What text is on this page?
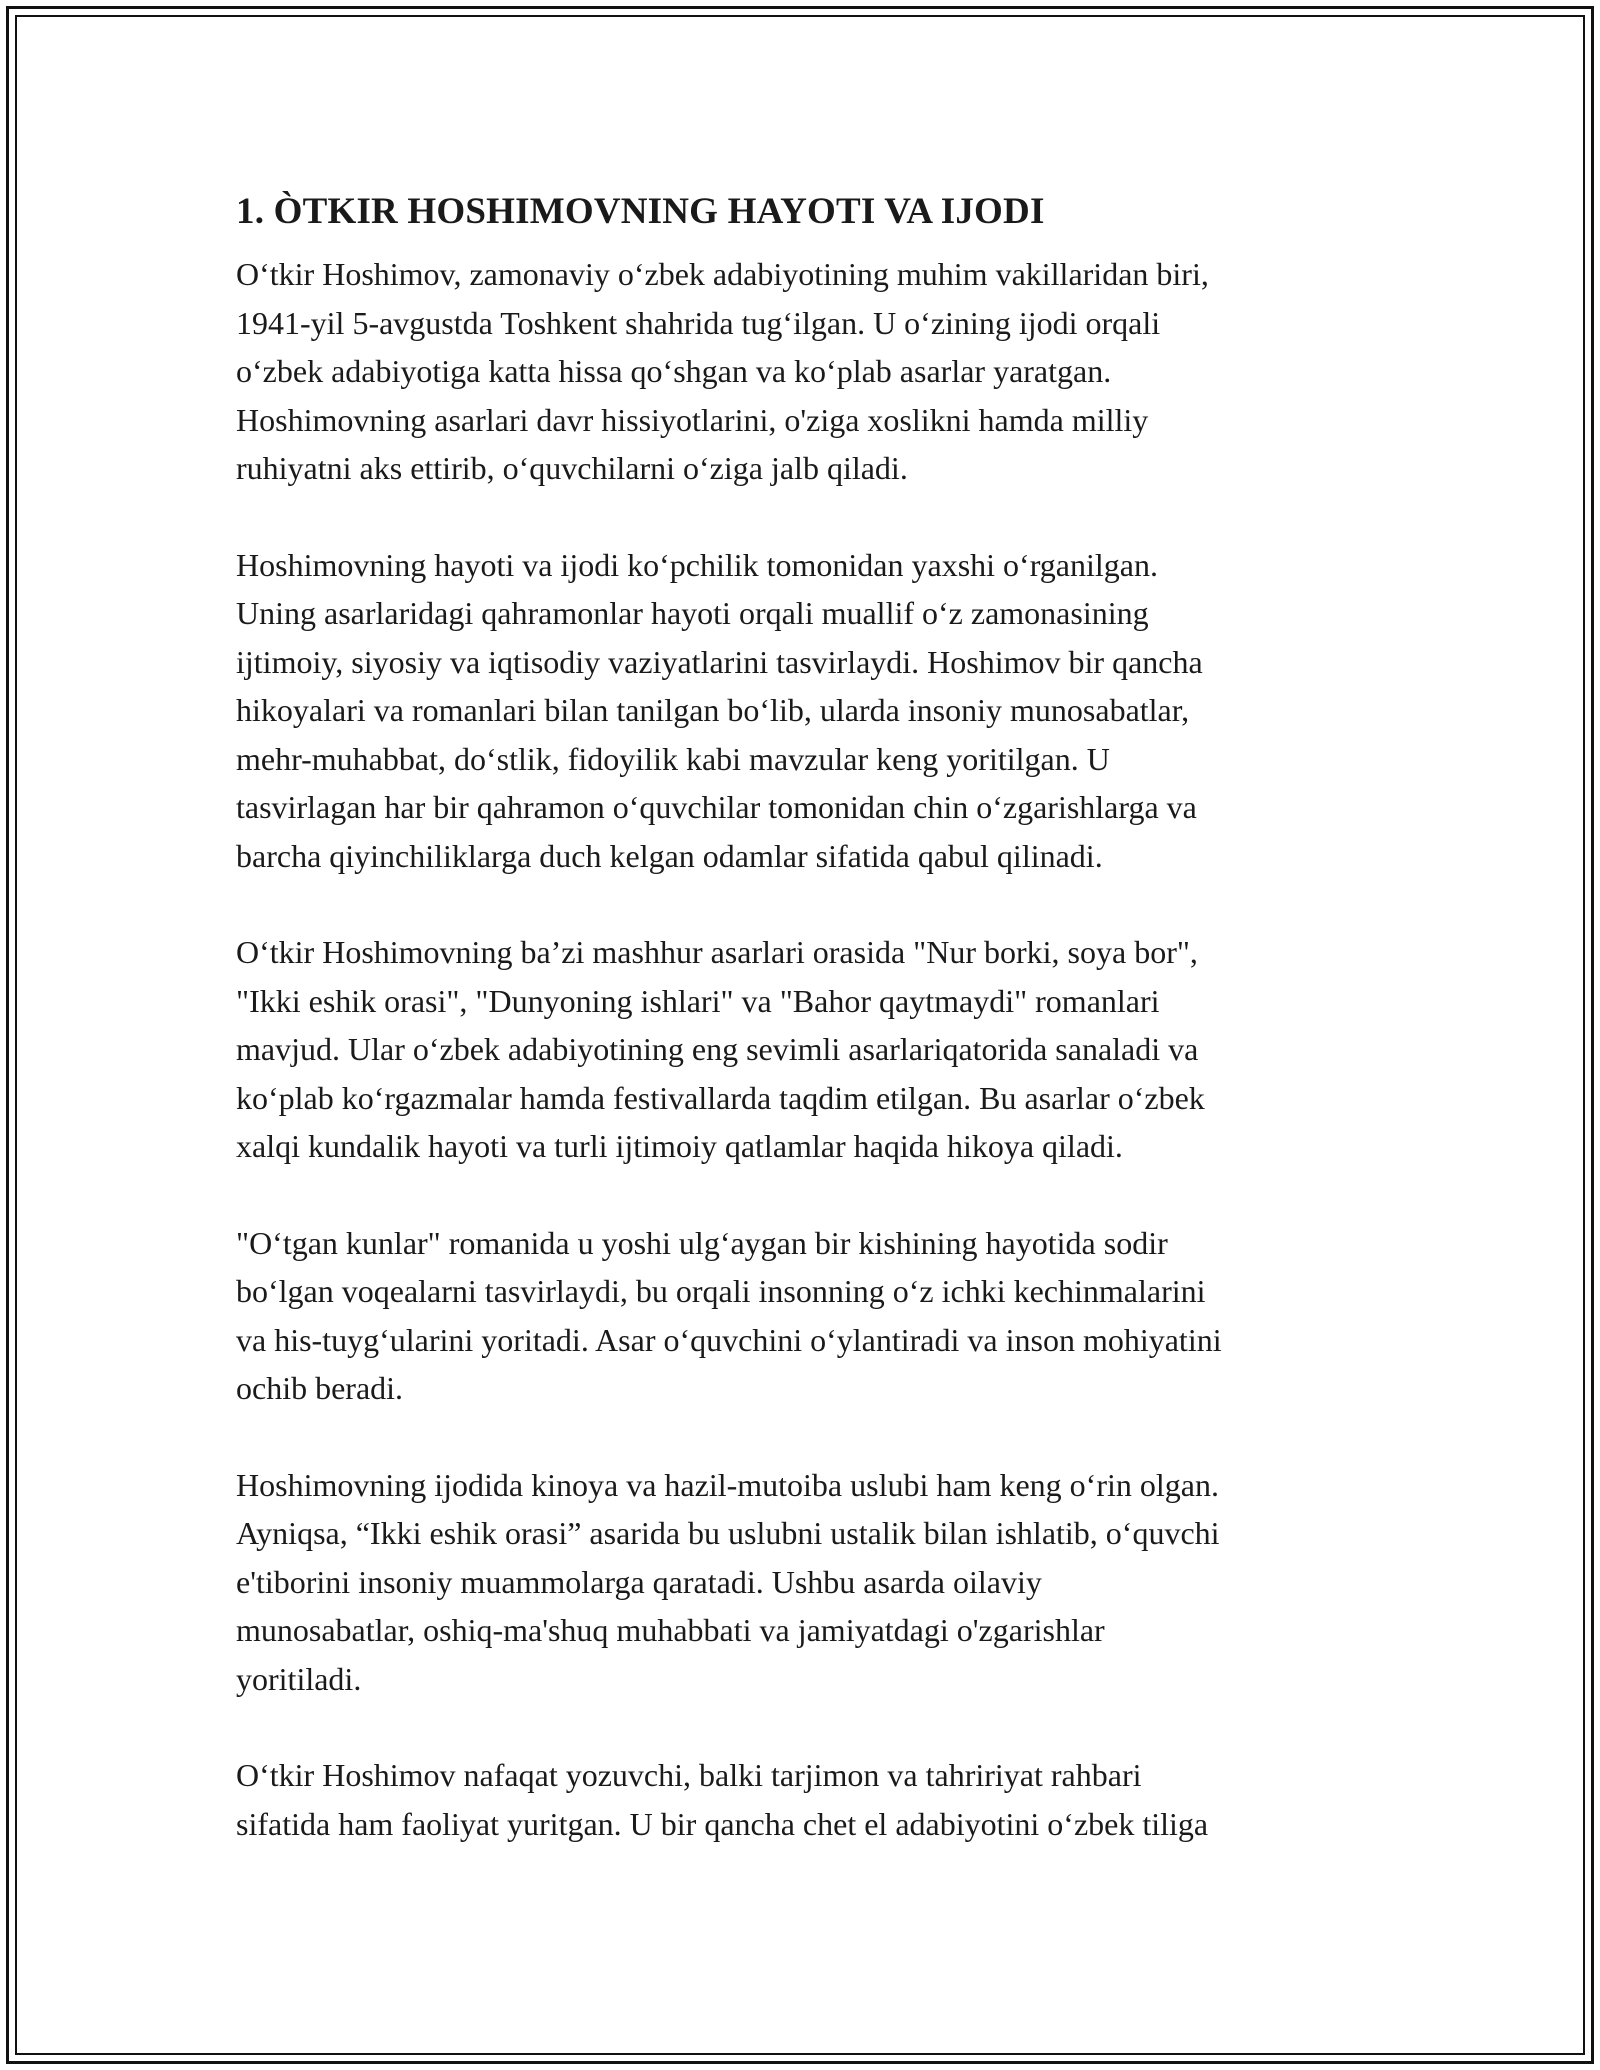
1. ÒTKIR HOSHIMOVNING HAYOTI VA IJODI

O‘tkir Hoshimov, zamonaviy o‘zbek adabiyotining muhim vakillaridan biri,
1941-yil 5-avgustda Toshkent shahrida tug‘ilgan. U o‘zining ijodi orqali
o‘zbek adabiyotiga katta hissa qo‘shgan va ko‘plab asarlar yaratgan.
Hoshimovning asarlari davr hissiyotlarini, o'ziga xoslikni hamda milliy
ruhiyatni aks ettirib, o‘quvchilarni o‘ziga jalb qiladi.

Hoshimovning hayoti va ijodi ko‘pchilik tomonidan yaxshi o‘rganilgan.
Uning asarlaridagi qahramonlar hayoti orqali muallif o‘z zamonasining
ijtimoiy, siyosiy va iqtisodiy vaziyatlarini tasvirlaydi. Hoshimov bir qancha
hikoyalari va romanlari bilan tanilgan bo‘lib, ularda insoniy munosabatlar,
mehr-muhabbat, do‘stlik, fidoyilik kabi mavzular keng yoritilgan. U
tasvirlagan har bir qahramon o‘quvchilar tomonidan chin o‘zgarishlarga va
barcha qiyinchiliklarga duch kelgan odamlar sifatida qabul qilinadi.

O‘tkir Hoshimovning ba’zi mashhur asarlari orasida "Nur borki, soya bor",
"Ikki eshik orasi", "Dunyoning ishlari" va "Bahor qaytmaydi" romanlari
mavjud. Ular o‘zbek adabiyotining eng sevimli asarlariqatorida sanaladi va
ko‘plab ko‘rgazmalar hamda festivallarda taqdim etilgan. Bu asarlar o‘zbek
xalqi kundalik hayoti va turli ijtimoiy qatlamlar haqida hikoya qiladi.

"O‘tgan kunlar" romanida u yoshi ulg‘aygan bir kishining hayotida sodir
bo‘lgan voqealarni tasvirlaydi, bu orqali insonning o‘z ichki kechinmalarini
va his-tuyg‘ularini yoritadi. Asar o‘quvchini o‘ylantiradi va inson mohiyatini
ochib beradi.

Hoshimovning ijodida kinoya va hazil-mutoiba uslubi ham keng o‘rin olgan.
Ayniqsa, “Ikki eshik orasi” asarida bu uslubni ustalik bilan ishlatib, o‘quvchi
e'tiborini insoniy muammolarga qaratadi. Ushbu asarda oilaviy
munosabatlar, oshiq-ma'shuq muhabbati va jamiyatdagi o'zgarishlar
yoritiladi.

O‘tkir Hoshimov nafaqat yozuvchi, balki tarjimon va tahririyat rahbari
sifatida ham faoliyat yuritgan. U bir qancha chet el adabiyotini o‘zbek tiliga
